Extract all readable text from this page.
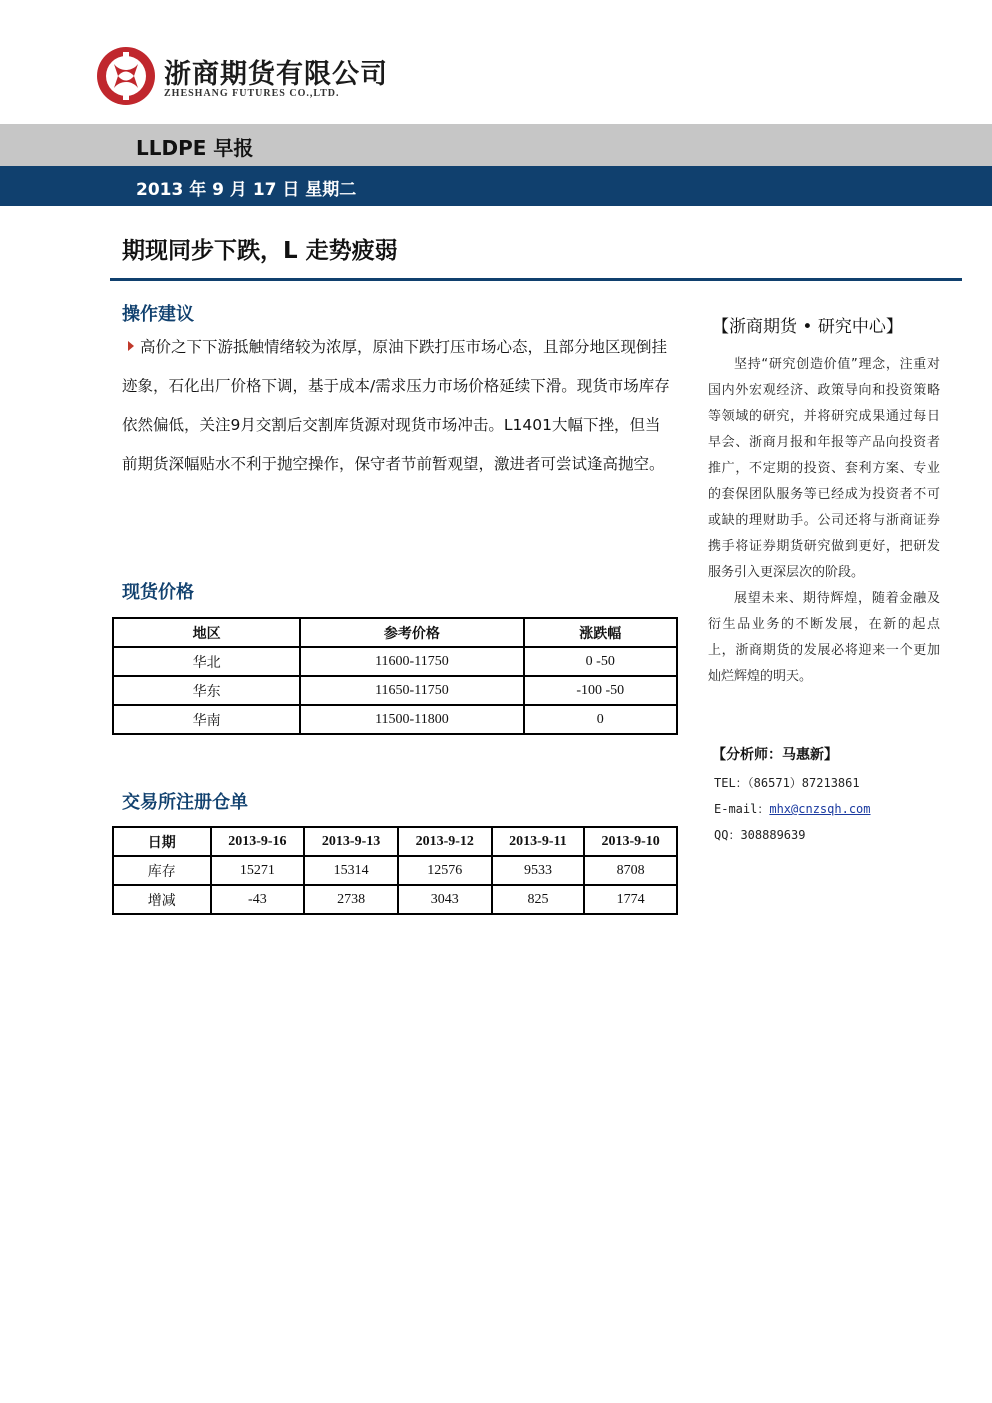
浙商期货有限公司
ZHESHANG FUTURES CO.,LTD.
LLDPE 早报
2013 年 9 月 17 日 星期二
期现同步下跌，L 走势疲弱
操作建议

高价之下下游抵触情绪较为浓厚，原油下跌打压市场心态，且部分地区现倒挂迹象，石化出厂价格下调，基于成本/需求压力市场价格延续下滑。现货市场库存依然偏低，关注9月交割后交割库货源对现货市场冲击。L1401大幅下挫，但当前期货深幅贴水不利于抛空操作，保守者节前暂观望，激进者可尝试逢高抛空。

现货价格
地区	参考价格	涨跌幅
华北	11600-11750	0 -50
华东	11650-11750	-100 -50
华南	11500-11800	0
交易所注册仓单
日期	2013-9-16	2013-9-13	2013-9-12	2013-9-11	2013-9-10
库存	15271	15314	12576	9533	8708
增减	-43	2738	3043	825	1774
【浙商期货 • 研究中心】

坚持“研究创造价值”理念，注重对国内外宏观经济、政策导向和投资策略等领域的研究，并将研究成果通过每日早会、浙商月报和年报等产品向投资者推广，不定期的投资、套利方案、专业的套保团队服务等已经成为投资者不可或缺的理财助手。公司还将与浙商证券携手将证券期货研究做到更好，把研发服务引入更深层次的阶段。

展望未来、期待辉煌，随着金融及衍生品业务的不断发展，在新的起点上，浙商期货的发展必将迎来一个更加灿烂辉煌的明天。

【分析师：马惠新】
TEL：（86571）87213861
E-mail：mhx@cnzsqh.com
QQ：308889639
